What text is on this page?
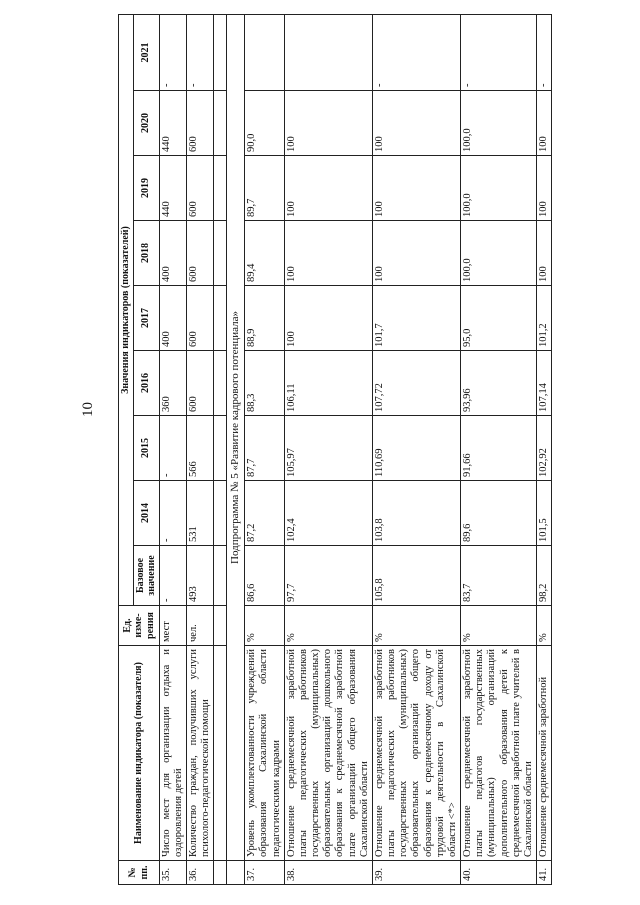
10
№ пп.	Наименование индикатора (показателя)	Ед. изме-рения	Значения индикаторов (показателей)								
			Базовое значение	2014	2015	2016	2017	2018	2019	2020	2021
35.	Число мест для организации отдыха и оздоровления детей	мест	-	-	-	360	400	400	440	440	-
36.	Количество граждан, получивших услуги психолого-педагогической помощи	чел.	493	531	566	600	600	600	600	600	-

	Подпрограмма № 5 «Развитие кадрового потенциала»										
37.	Уровень укомплектованности учреждений образования Сахалинской области педагогическими кадрами	%	86,6	87,2	87,7	88,3	88,9	89,4	89,7	90,0	
38.	Отношение среднемесячной заработной платы педагогических работников государственных (муниципальных) образовательных организаций дошкольного образования к среднемесячной заработной плате организаций общего образования Сахалинской области	%	97,7	102,4	105,97	106,11	100	100	100	100	
39.	Отношение среднемесячной заработной платы педагогических работников государственных (муниципальных) образовательных организаций общего образования к среднемесячному доходу от трудовой деятельности в Сахалинской области <*>	%	105,8	103,8	110,69	107,72	101,7	100	100	100	-
40.	Отношение среднемесячной заработной платы педагогов государственных (муниципальных) организаций дополнительного образования детей к среднемесячной заработной плате учителей в Сахалинской области	%	83,7	89,6	91,66	93,96	95,0	100,0	100,0	100,0	-
41.	Отношение среднемесячной заработной	%	98,2	101,5	102,92	107,14	101,2	100	100	100	-
